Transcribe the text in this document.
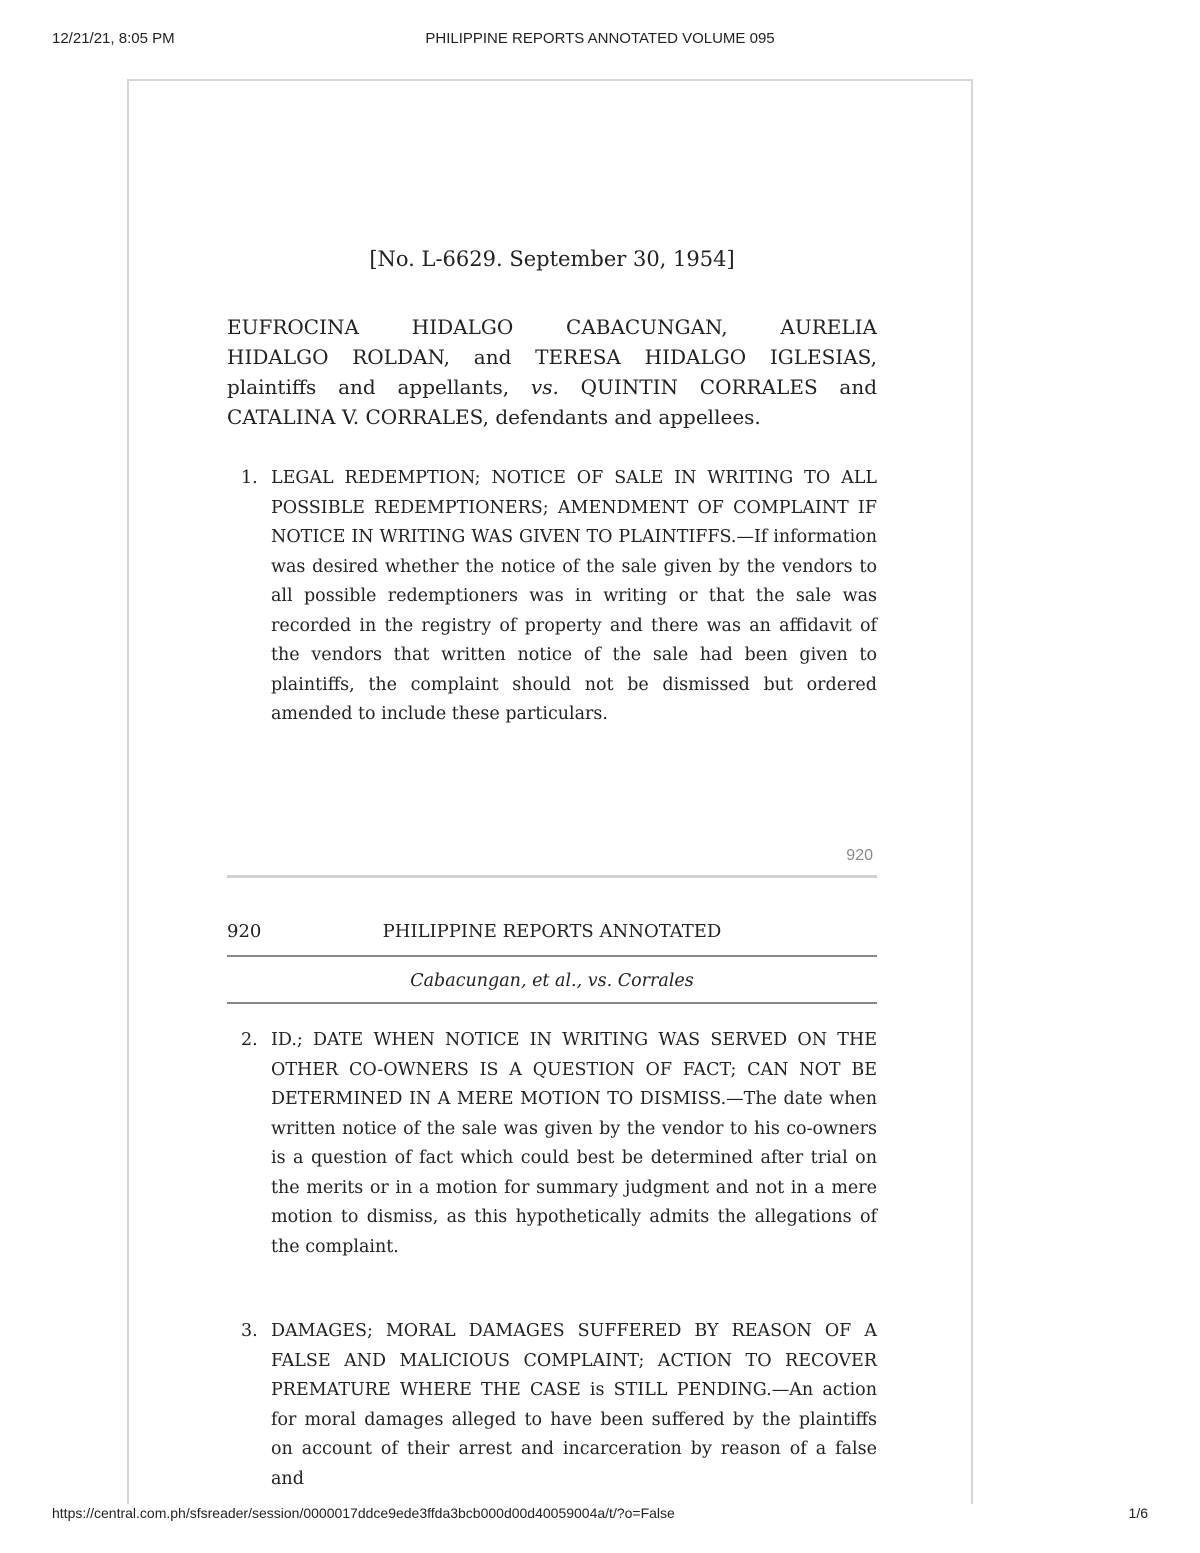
PHILIPPINE REPORTS ANNOTATED VOLUME 095
12/21/21, 8:05 PM
[No. L-6629. September 30, 1954]
EUFROCINA HIDALGO CABACUNGAN, AURELIA
HIDALGO ROLDAN, and TERESA HIDALGO IGLESIAS,
plaintiffs and appellants, vs. QUINTIN CORRALES and
CATALINA V. CORRALES, defendants and appellees.
1. LEGAL REDEMPTION; NOTICE OF SALE IN WRITING TO ALL POSSIBLE REDEMPTIONERS; AMENDMENT OF COMPLAINT IF NOTICE IN WRITING WAS GIVEN TO PLAINTIFFS.—If information was desired whether the notice of the sale given by the vendors to all possible redemptioners was in writing or that the sale was recorded in the registry of property and there was an affidavit of the vendors that written notice of the sale had been given to plaintiffs, the complaint should not be dismissed but ordered amended to include these particulars.
920
920	PHILIPPINE REPORTS ANNOTATED
Cabacungan, et al., vs. Corrales
2. ID.; DATE WHEN NOTICE IN WRITING WAS SERVED ON THE OTHER CO-OWNERS IS A QUESTION OF FACT; CAN NOT BE DETERMINED IN A MERE MOTION TO DISMISS.—The date when written notice of the sale was given by the vendor to his co-owners is a question of fact which could best be determined after trial on the merits or in a motion for summary judgment and not in a mere motion to dismiss, as this hypothetically admits the allegations of the complaint.
3. DAMAGES; MORAL DAMAGES SUFFERED BY REASON OF A FALSE AND MALICIOUS COMPLAINT; ACTION TO RECOVER PREMATURE WHERE THE CASE is STILL PENDING.—An action for moral damages alleged to have been suffered by the plaintiffs on account of their arrest and incarceration by reason of a false and
https://central.com.ph/sfsreader/session/0000017ddce9ede3ffda3bcb000d00d40059004a/t/?o=False	1/6
